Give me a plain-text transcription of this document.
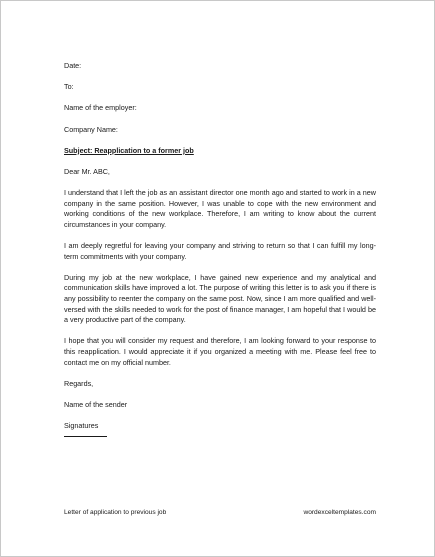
Date:
To:
Name of the employer:
Company Name:
Subject: Reapplication to a former job
Dear Mr. ABC,
I understand that I left the job as an assistant director one month ago and started to work in a new company in the same position. However, I was unable to cope with the new environment and working conditions of the new workplace. Therefore, I am writing to know about the current circumstances in your company.
I am deeply regretful for leaving your company and striving to return so that I can fulfill my long-term commitments with your company.
During my job at the new workplace, I have gained new experience and my analytical and communication skills have improved a lot. The purpose of writing this letter is to ask you if there is any possibility to reenter the company on the same post. Now, since I am more qualified and well-versed with the skills needed to work for the post of finance manager, I am hopeful that I would be a very productive part of the company.
I hope that you will consider my request and therefore, I am looking forward to your response to this reapplication. I would appreciate it if you organized a meeting with me. Please feel free to contact me on my official number.
Regards,
Name of the sender
Signatures
Letter of application to previous job	wordexceltemplates.com
